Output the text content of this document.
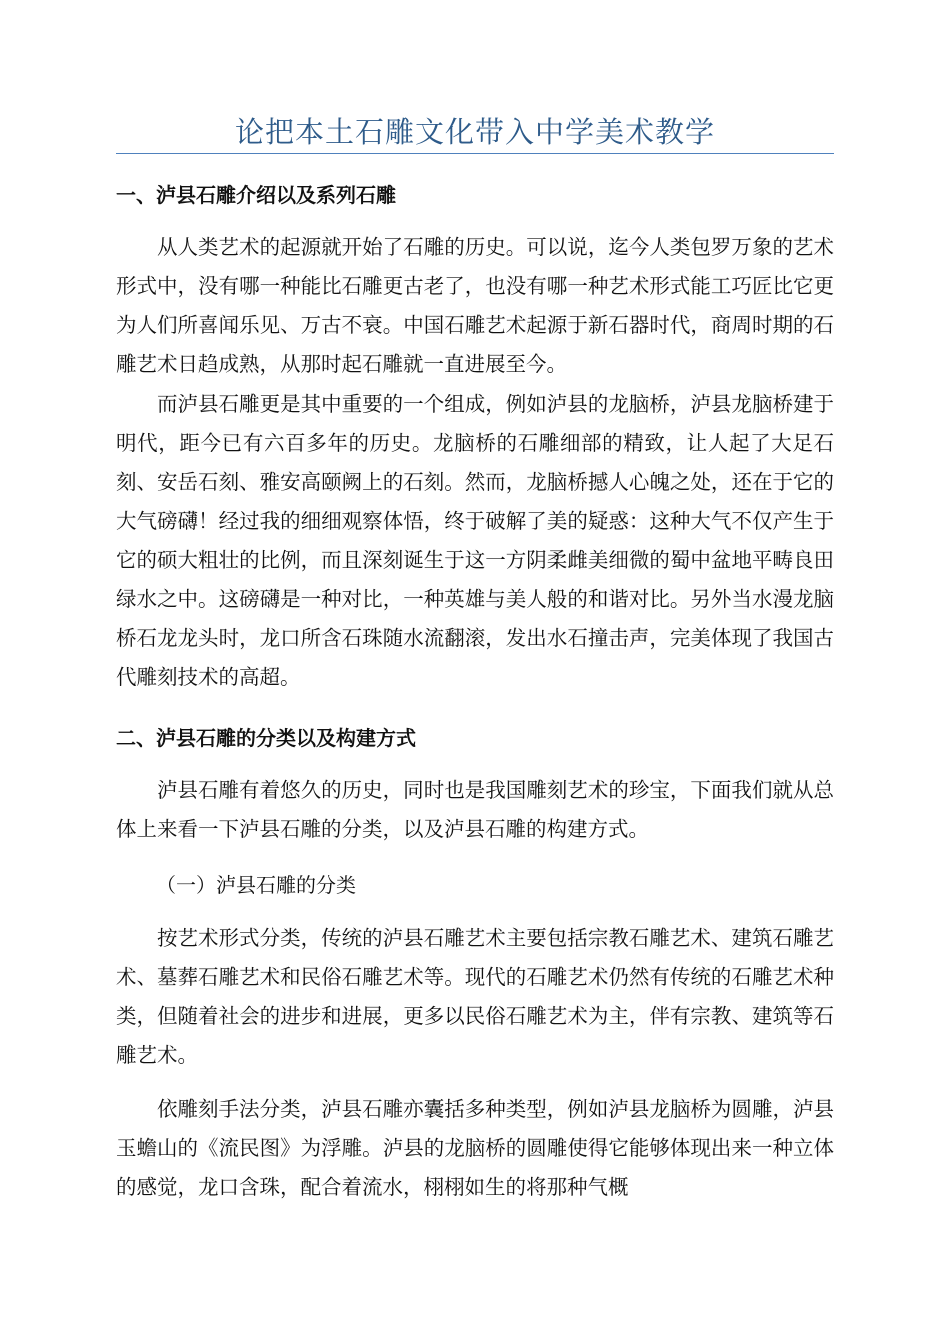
论把本土石雕文化带入中学美术教学
一、泸县石雕介绍以及系列石雕

从人类艺术的起源就开始了石雕的历史。可以说，迄今人类包罗万象的艺术形式中，没有哪一种能比石雕更古老了，也没有哪一种艺术形式能工巧匠比它更为人们所喜闻乐见、万古不衰。中国石雕艺术起源于新石器时代，商周时期的石雕艺术日趋成熟，从那时起石雕就一直进展至今。

而泸县石雕更是其中重要的一个组成，例如泸县的龙脑桥，泸县龙脑桥建于明代，距今已有六百多年的历史。龙脑桥的石雕细部的精致，让人起了大足石刻、安岳石刻、雅安高颐阙上的石刻。然而，龙脑桥撼人心魄之处，还在于它的大气磅礴！经过我的细细观察体悟，终于破解了美的疑惑：这种大气不仅产生于它的硕大粗壮的比例，而且深刻诞生于这一方阴柔雌美细微的蜀中盆地平畴良田绿水之中。这磅礴是一种对比，一种英雄与美人般的和谐对比。另外当水漫龙脑桥石龙龙头时，龙口所含石珠随水流翻滚，发出水石撞击声，完美体现了我国古代雕刻技术的高超。

二、泸县石雕的分类以及构建方式

泸县石雕有着悠久的历史，同时也是我国雕刻艺术的珍宝，下面我们就从总体上来看一下泸县石雕的分类，以及泸县石雕的构建方式。

（一）泸县石雕的分类

按艺术形式分类，传统的泸县石雕艺术主要包括宗教石雕艺术、建筑石雕艺术、墓葬石雕艺术和民俗石雕艺术等。现代的石雕艺术仍然有传统的石雕艺术种类，但随着社会的进步和进展，更多以民俗石雕艺术为主，伴有宗教、建筑等石雕艺术。

依雕刻手法分类，泸县石雕亦囊括多种类型，例如泸县龙脑桥为圆雕，泸县玉蟾山的《流民图》为浮雕。泸县的龙脑桥的圆雕使得它能够体现出来一种立体的感觉，龙口含珠，配合着流水，栩栩如生的将那种气概
